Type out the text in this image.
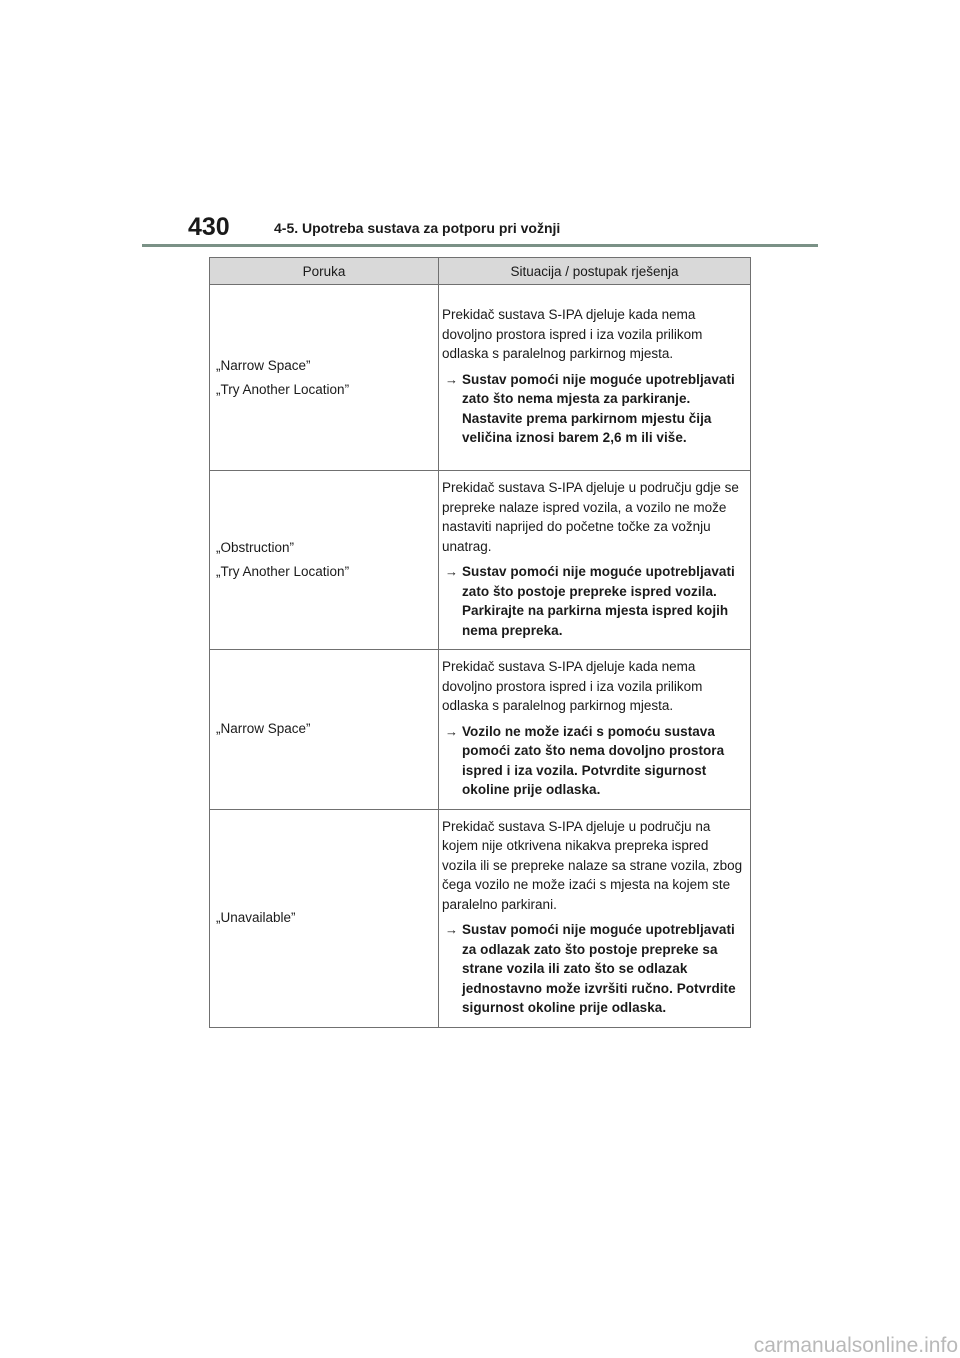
430	4-5. Upotreba sustava za potporu pri vožnji
Poruka	Situacija / postupak rješenja

„Narrow Space”
„Try Another Location”	Prekidač sustava S-IPA djeluje kada nema dovoljno prostora ispred i iza vozila prilikom odlaska s paralelnog parkirnog mjesta.
→ Sustav pomoći nije moguće upotrebljavati zato što nema mjesta za parkiranje. Nastavite prema parkirnom mjestu čija veličina iznosi barem 2,6 m ili više.

„Obstruction”
„Try Another Location”	Prekidač sustava S-IPA djeluje u području gdje se prepreke nalaze ispred vozila, a vozilo ne može nastaviti naprijed do početne točke za vožnju unatrag.
→ Sustav pomoći nije moguće upotrebljavati zato što postoje prepreke ispred vozila. Parkirajte na parkirna mjesta ispred kojih nema prepreka.

„Narrow Space”	Prekidač sustava S-IPA djeluje kada nema dovoljno prostora ispred i iza vozila prilikom odlaska s paralelnog parkirnog mjesta.
→ Vozilo ne može izaći s pomoću sustava pomoći zato što nema dovoljno prostora ispred i iza vozila. Potvrdite sigurnost okoline prije odlaska.

„Unavailable”	Prekidač sustava S-IPA djeluje u području na kojem nije otkrivena nikakva prepreka ispred vozila ili se prepreke nalaze sa strane vozila, zbog čega vozilo ne može izaći s mjesta na kojem ste paralelno parkirani.
→ Sustav pomoći nije moguće upotrebljavati za odlazak zato što postoje prepreke sa strane vozila ili zato što se odlazak jednostavno može izvršiti ručno. Potvrdite sigurnost okoline prije odlaska.
carmanualsonline.info
